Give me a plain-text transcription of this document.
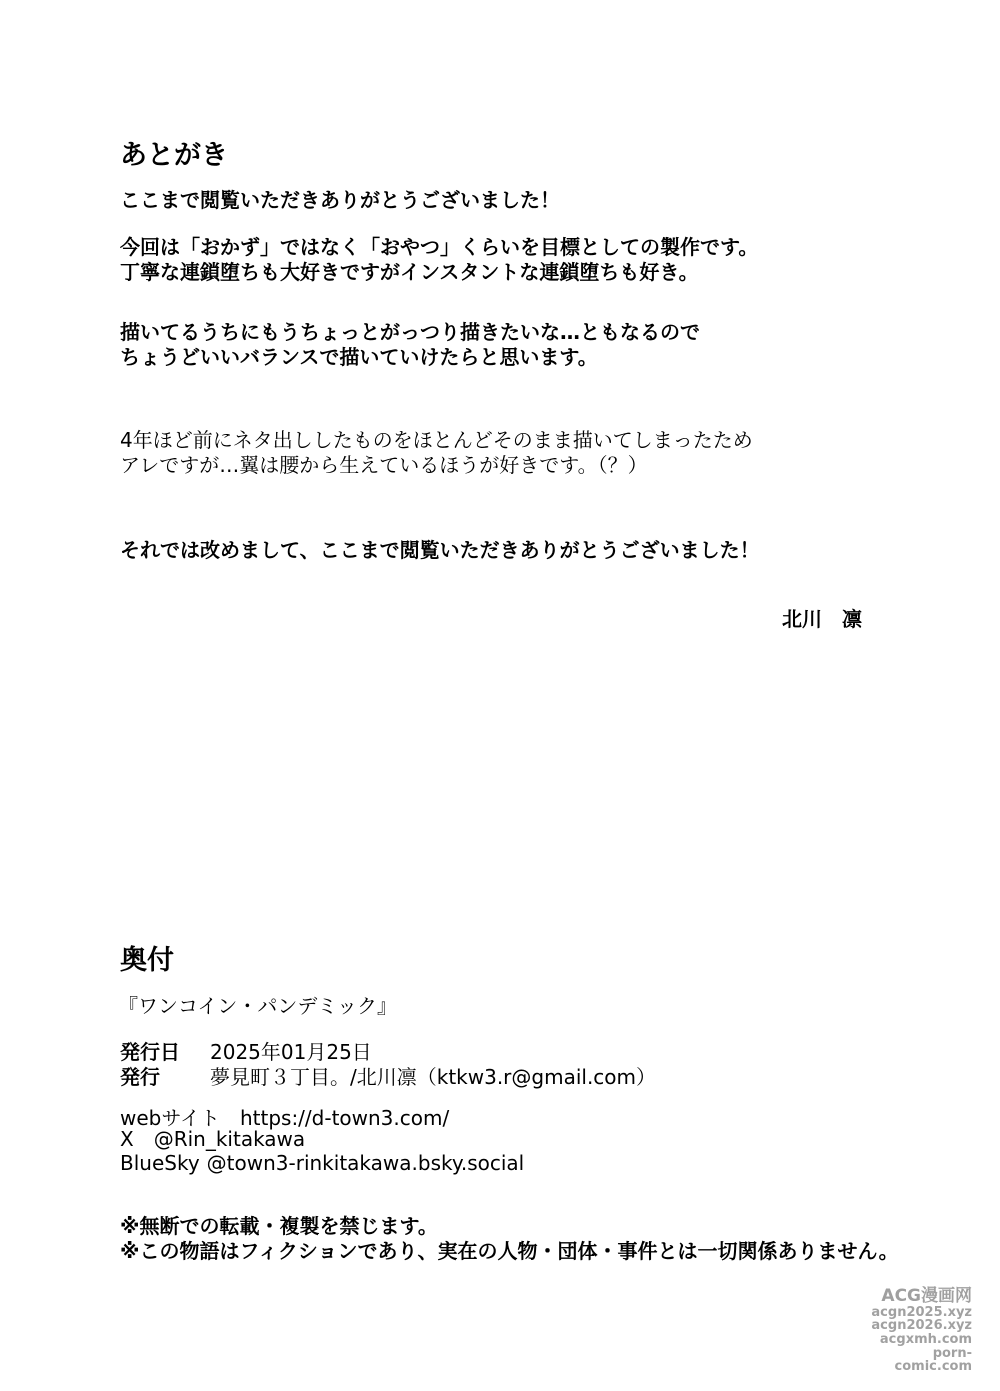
あとがき
ここまで閲覧いただきありがとうございました！
今回は「おかず」ではなく「おやつ」くらいを目標としての製作です。
丁寧な連鎖堕ちも大好きですがインスタントな連鎖堕ちも好き。
描いてるうちにもうちょっとがっつり描きたいな…ともなるので
ちょうどいいバランスで描いていけたらと思います。
4年ほど前にネタ出ししたものをほとんどそのまま描いてしまったため
アレですが…翼は腰から生えているほうが好きです。（？）
それでは改めまして、ここまで閲覧いただきありがとうございました！
北川　凛
奥付
『ワンコイン・パンデミック』
発行日	2025年01月25日
発行	夢見町３丁目。/北川凛（ktkw3.r@gmail.com）
webサイト https://d-town3.com/
X @Rin_kitakawa
BlueSky @town3-rinkitakawa.bsky.social
※無断での転載・複製を禁じます。
※この物語はフィクションであり、実在の人物・団体・事件とは一切関係ありません。
ACG漫画网
acgn2025.xyz
acgn2026.xyz
acgxmh.com
porn-comic.com
